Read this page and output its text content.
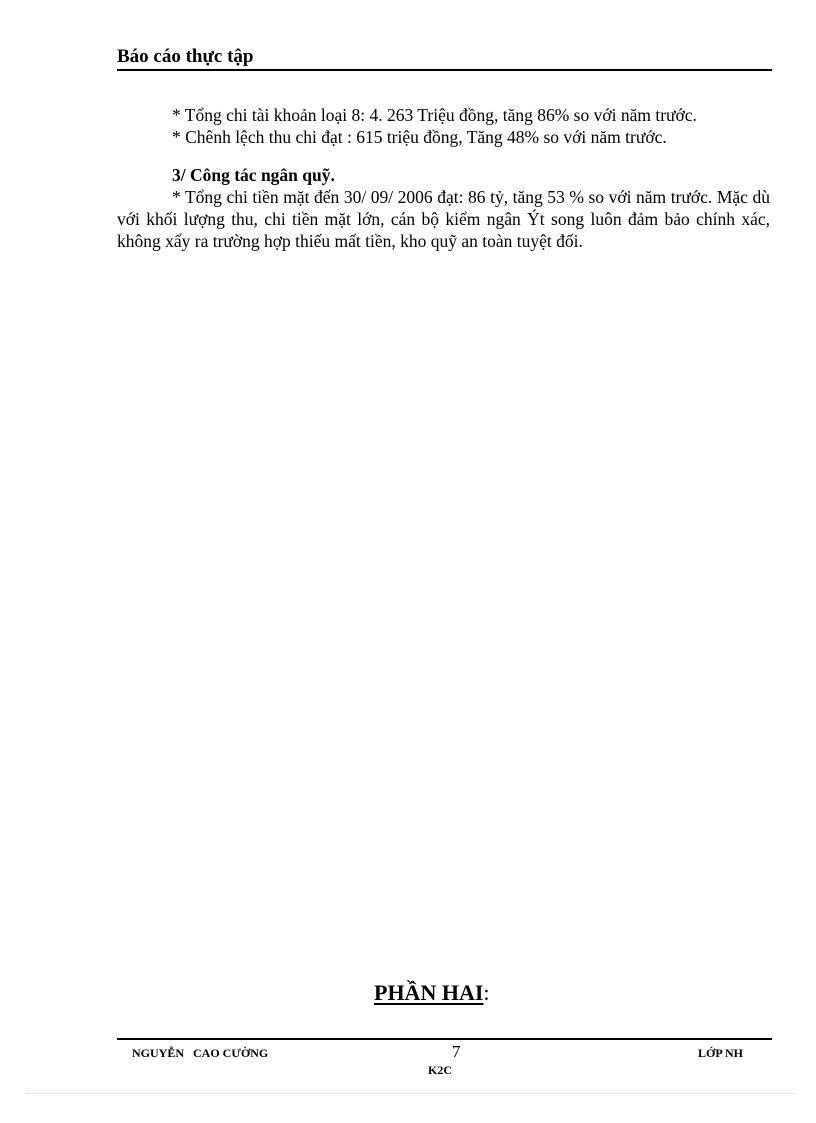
Báo cáo thực tập

* Tổng chi tài khoản loại 8: 4. 263 Triệu đồng, tăng 86% so với năm trước.

* Chênh lệch thu chi đạt : 615 triệu đồng, Tăng 48% so với năm trước.

3/ Công tác ngân quỹ.

* Tổng chi tiền mặt đến 30/ 09/ 2006 đạt: 86 tỷ, tăng 53 % so với năm trước. Mặc dù với khối lượng thu, chi tiền mặt lớn, cán bộ kiểm ngân Ýt song luôn đảm bảo chính xác, không xẩy ra trường hợp thiếu mất tiền, kho quỹ an toàn tuyệt đối.

PHẦN HAI:
NGUYỄN   CAO CƯỜNG	7	LỚP NH
K2C
